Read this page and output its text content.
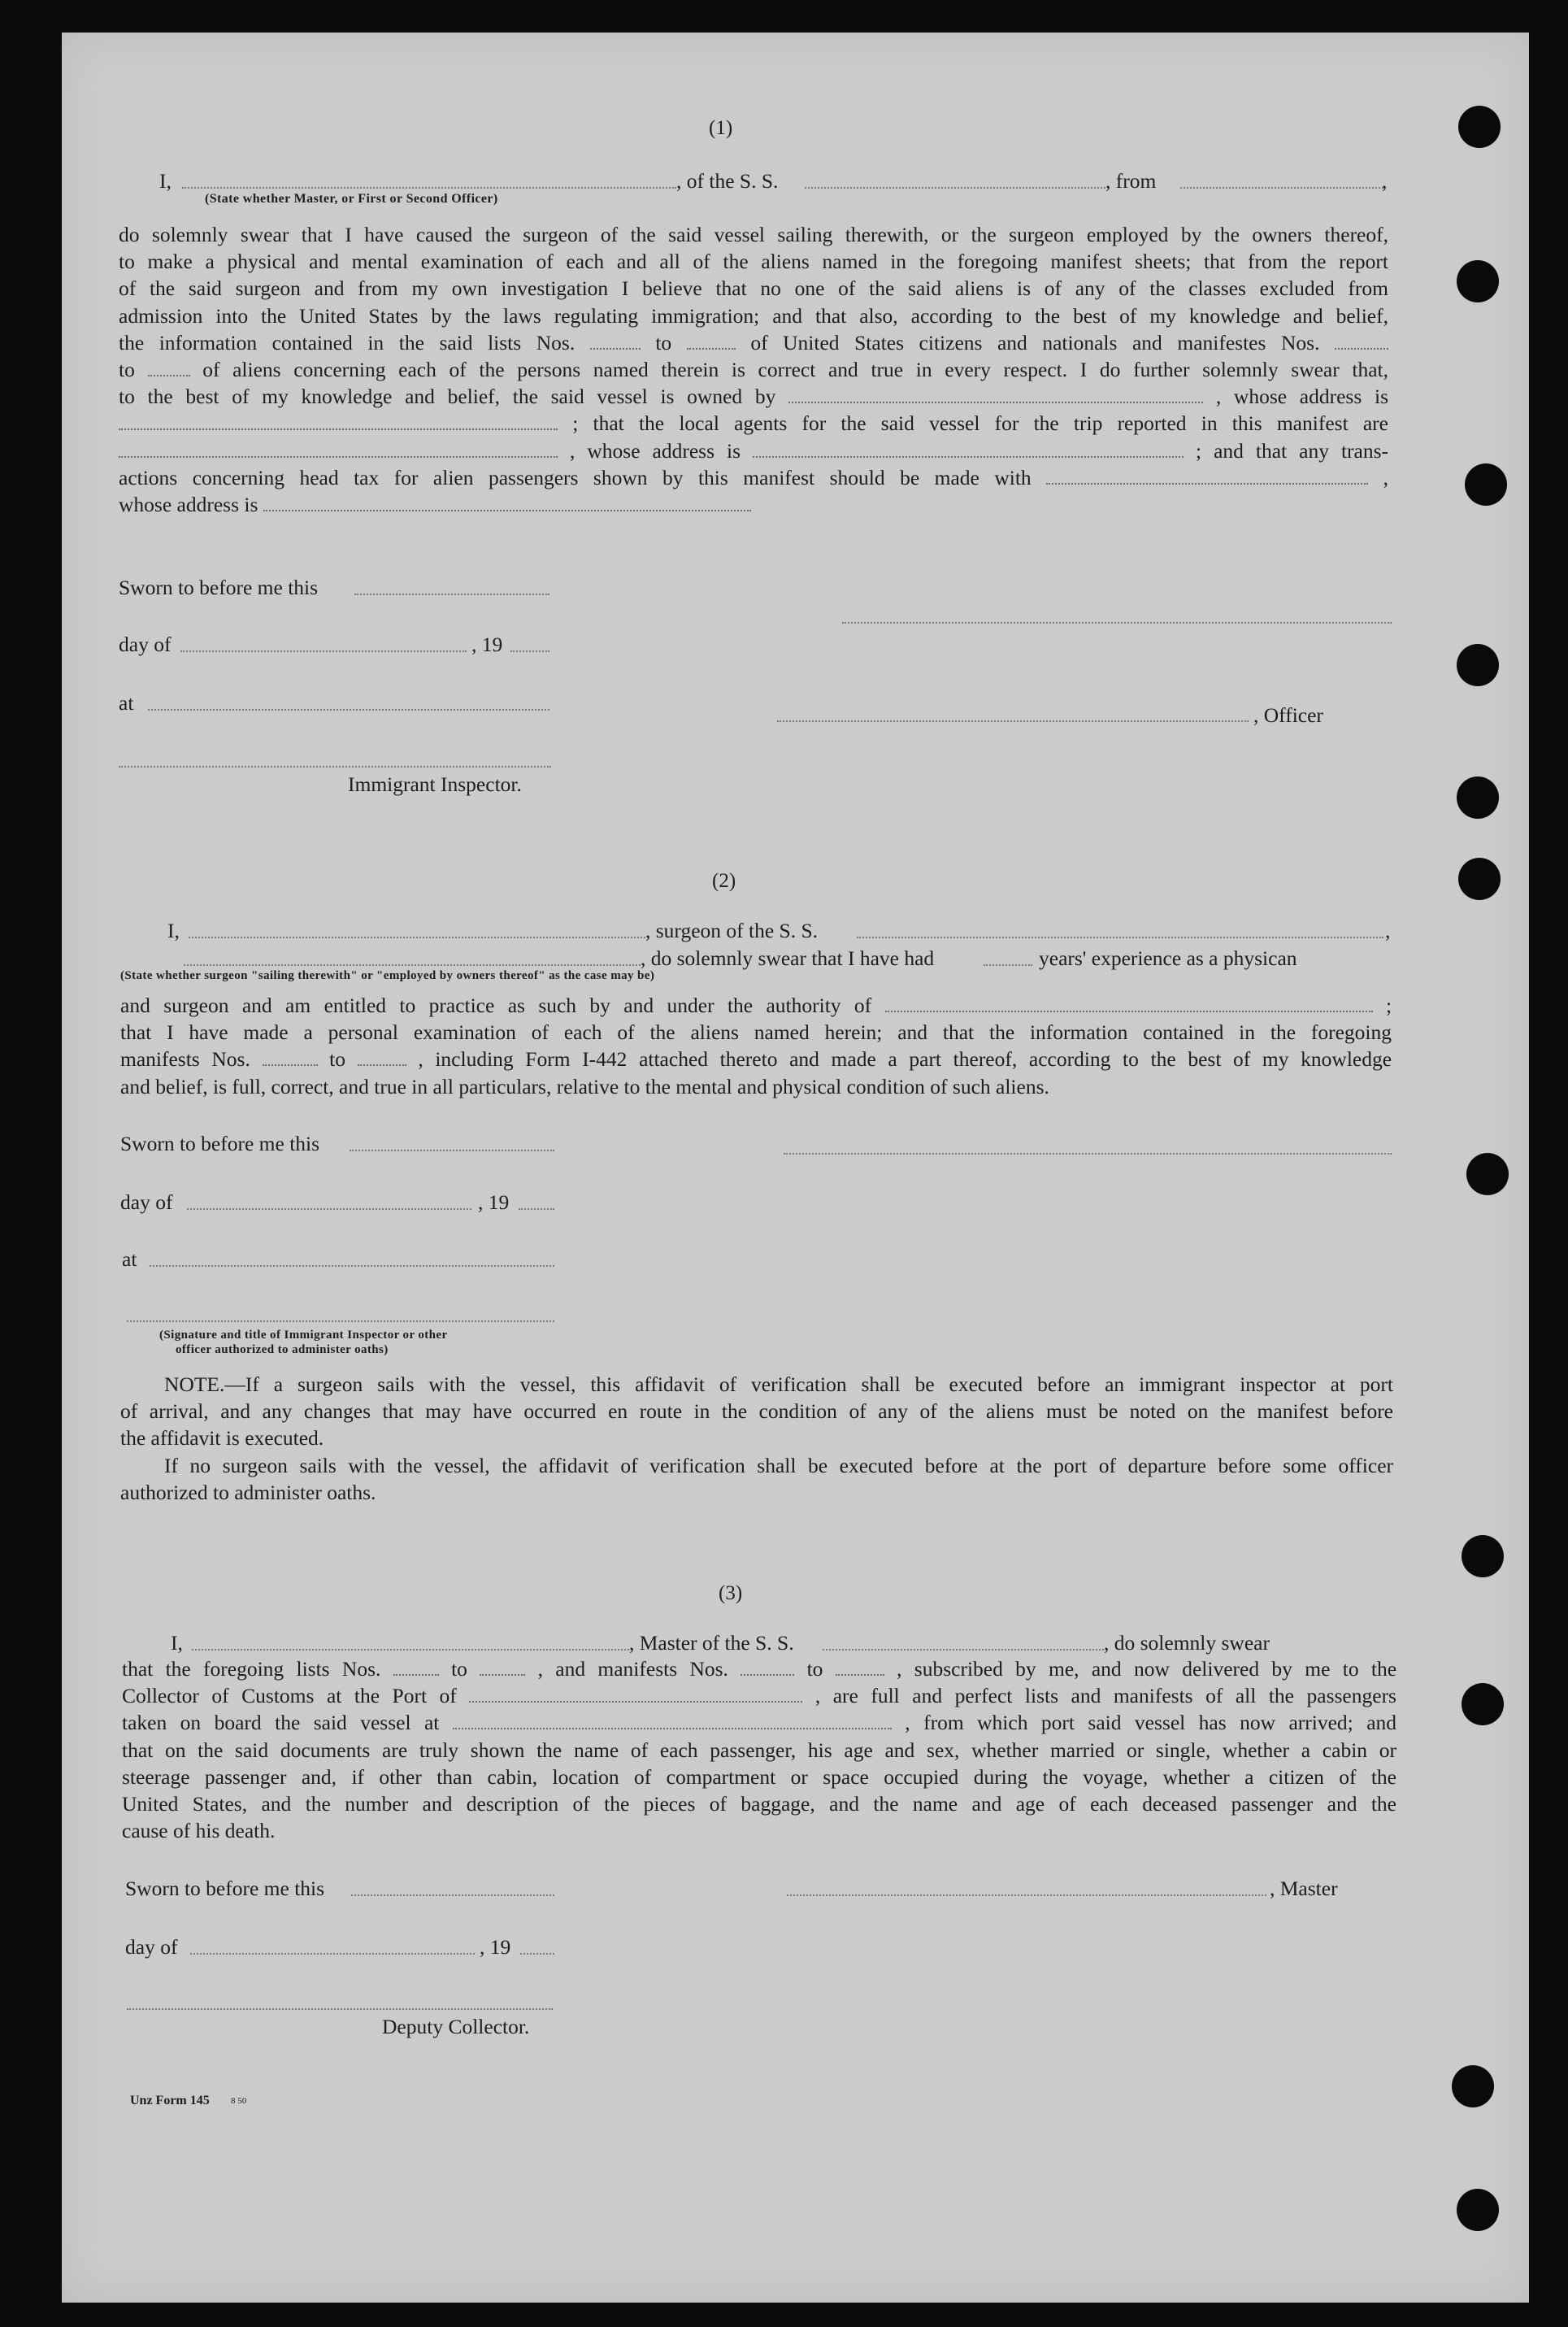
(1)
I,	, of the S. S.	, from	,
(State whether Master, or First or Second Officer)
do solemnly swear that I have caused the surgeon of the said vessel sailing therewith, or the surgeon employed by the owners thereof,
to make a physical and mental examination of each and all of the aliens named in the foregoing manifest sheets; that from the report
of the said surgeon and from my own investigation I believe that no one of the said aliens is of any of the classes excluded from
admission into the United States by the laws regulating immigration; and that also, according to the best of my knowledge and belief,
the information contained in the said lists Nos.	to	of United States citizens and nationals and manifestes Nos.
to	of aliens concerning each of the persons named therein is correct and true in every respect. I do further solemnly swear that,
to the best of my knowledge and belief, the said vessel is owned by	, whose address is
; that the local agents for the said vessel for the trip reported in this manifest are
, whose address is	; and that any trans-
actions concerning head tax for alien passengers shown by this manifest should be made with	,
whose address is
Sworn to before me this
day of	, 19
at
, Officer
Immigrant Inspector.
(2)
I,	, surgeon of the S. S.	,
, do solemnly swear that I have had	years' experience as a physican
(State whether surgeon "sailing therewith" or "employed by owners thereof" as the case may be)
and surgeon and am entitled to practice as such by and under the authority of	;
that I have made a personal examination of each of the aliens named herein; and that the information contained in the foregoing
manifests Nos.	to	, including Form I-442 attached thereto and made a part thereof, according to the best of my knowledge
and belief, is full, correct, and true in all particulars, relative to the mental and physical condition of such aliens.
Sworn to before me this
day of	, 19
at
(Signature and title of Immigrant Inspector or other
officer authorized to administer oaths)
NOTE.—If a surgeon sails with the vessel, this affidavit of verification shall be executed before an immigrant inspector at port
of arrival, and any changes that may have occurred en route in the condition of any of the aliens must be noted on the manifest before
the affidavit is executed.
If no surgeon sails with the vessel, the affidavit of verification shall be executed before at the port of departure before some officer
authorized to administer oaths.
(3)
I,	, Master of the S. S.	, do solemnly swear
that the foregoing lists Nos.	to	, and manifests Nos.	to	, subscribed by me, and now delivered by me to the
Collector of Customs at the Port of	, are full and perfect lists and manifests of all the passengers
taken on board the said vessel at	, from which port said vessel has now arrived; and
that on the said documents are truly shown the name of each passenger, his age and sex, whether married or single, whether a cabin or
steerage passenger and, if other than cabin, location of compartment or space occupied during the voyage, whether a citizen of the
United States, and the number and description of the pieces of baggage, and the name and age of each deceased passenger and the
cause of his death.
Sworn to before me this	, Master
day of	, 19
Deputy Collector.
Unz Form 145 8 50
